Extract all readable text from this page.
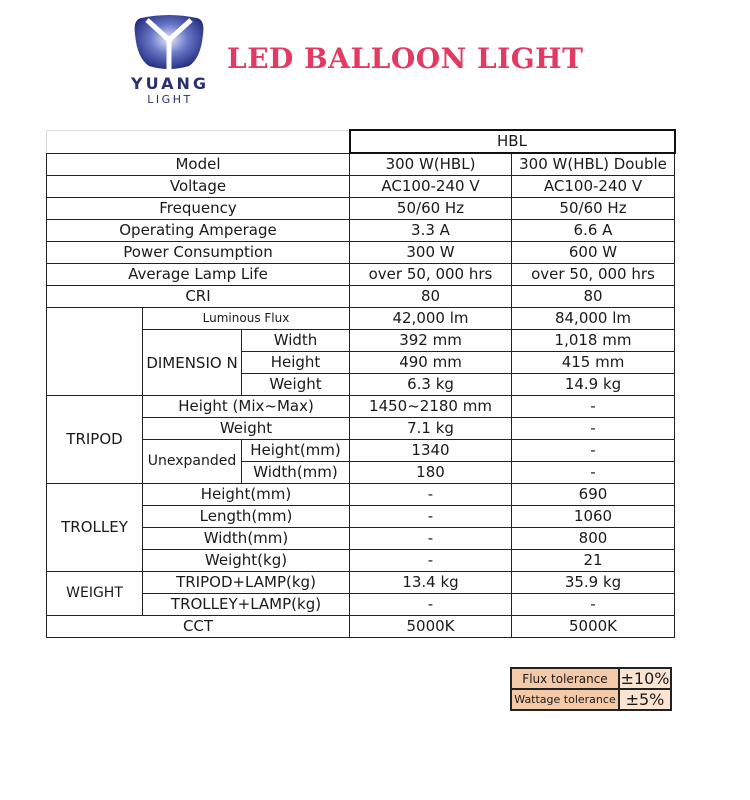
YUANG
LIGHT
LED BALLOON LIGHT
			HBL	
Model			300 W(HBL)	300 W(HBL) Double
Voltage			AC100-240 V	AC100-240 V
Frequency			50/60 Hz	50/60 Hz
Operating Amperage			3.3 A	6.6 A
Power Consumption			300 W	600 W
Average Lamp Life			over 50, 000 hrs	over 50, 000 hrs
CRI			80	80
	Luminous Flux		42,000 lm	84,000 lm
	DIMENSIO N	Width	392 mm	1,018 mm
		Height	490 mm	415 mm
		Weight	6.3 kg	14.9 kg
TRIPOD	Height (Mix~Max)		1450~2180 mm	-
	Weight		7.1 kg	-
	Unexpanded	Height(mm)	1340	-
		Width(mm)	180	-
TROLLEY	Height(mm)		-	690
	Length(mm)		-	1060
	Width(mm)		-	800
	Weight(kg)		-	21
WEIGHT	TRIPOD+LAMP(kg)		13.4 kg	35.9 kg
	TROLLEY+LAMP(kg)		-	-
CCT			5000K	5000K
Flux tolerance	±10%
Wattage tolerance	±5%
